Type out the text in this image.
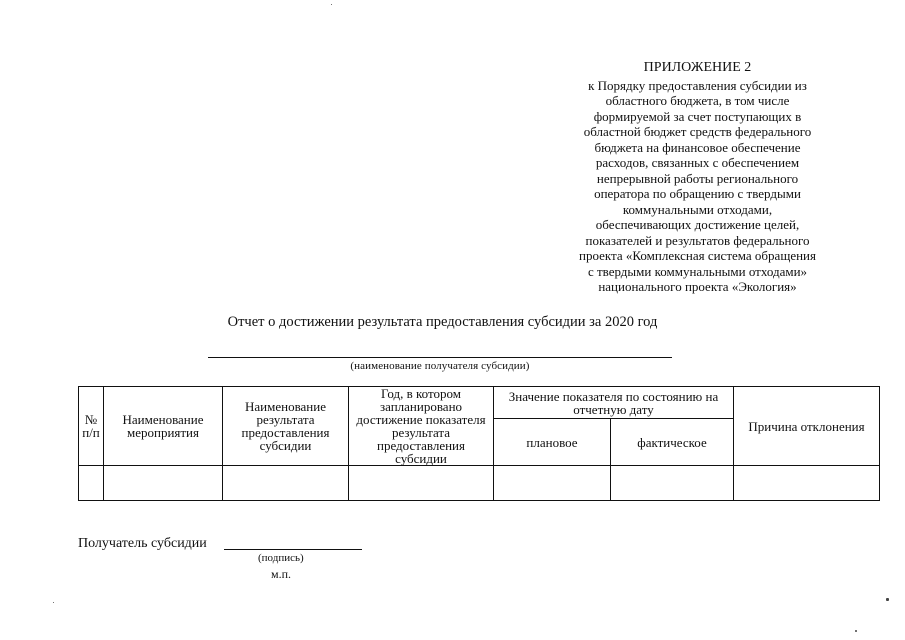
ПРИЛОЖЕНИЕ 2
к Порядку предоставления субсидии из
областного бюджета, в том числе
формируемой за счет поступающих в
областной бюджет средств федерального
бюджета на финансовое обеспечение
расходов, связанных с обеспечением
непрерывной работы регионального
оператора по обращению с твердыми
коммунальными отходами,
обеспечивающих достижение целей,
показателей и результатов федерального
проекта «Комплексная система обращения
с твердыми коммунальными отходами»
национального проекта «Экология»
Отчет о достижении результата предоставления субсидии за 2020 год
(наименование получателя субсидии)
№ п/п	Наименование мероприятия	Наименование результата предоставления субсидии	Год, в котором запланировано достижение показателя результата предоставления субсидии	Значение показателя по состоянию на отчетную дату		Причина отклонения
				плановое	фактическое	

Получатель субсидии
(подпись)
м.п.
